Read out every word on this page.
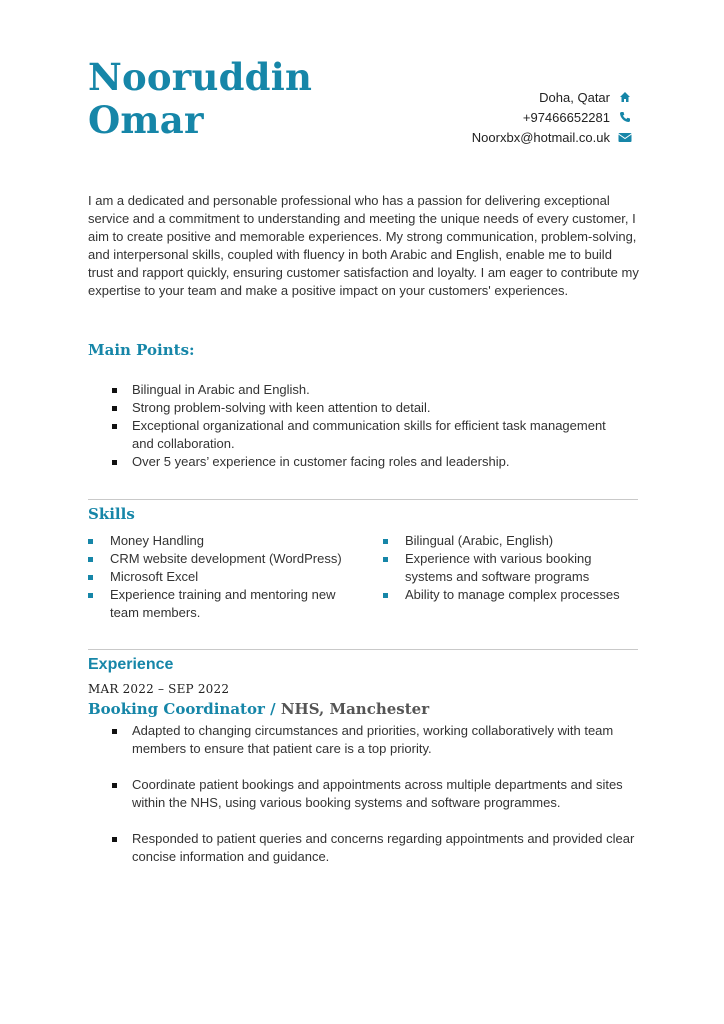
Nooruddin
Omar
Doha, Qatar
+97466652281
Noorxbx@hotmail.co.uk

I am a dedicated and personable professional who has a passion for delivering exceptional service and a commitment to understanding and meeting the unique needs of every customer, I aim to create positive and memorable experiences. My strong communication, problem-solving, and interpersonal skills, coupled with fluency in both Arabic and English, enable me to build trust and rapport quickly, ensuring customer satisfaction and loyalty. I am eager to contribute my expertise to your team and make a positive impact on your customers' experiences.

Main Points:
Bilingual in Arabic and English.
Strong problem-solving with keen attention to detail.
Exceptional organizational and communication skills for efficient task management and collaboration.
Over 5 years’ experience in customer facing roles and leadership.
Skills
Money Handling
CRM website development (WordPress)
Microsoft Excel
Experience training and mentoring new team members.
Bilingual (Arabic, English)
Experience with various booking systems and software programs
Ability to manage complex processes
Experience
MAR 2022 – SEP 2022
Booking Coordinator / NHS, Manchester
Adapted to changing circumstances and priorities, working collaboratively with team members to ensure that patient care is a top priority.
Coordinate patient bookings and appointments across multiple departments and sites within the NHS, using various booking systems and software programmes.
Responded to patient queries and concerns regarding appointments and provided clear concise information and guidance.
